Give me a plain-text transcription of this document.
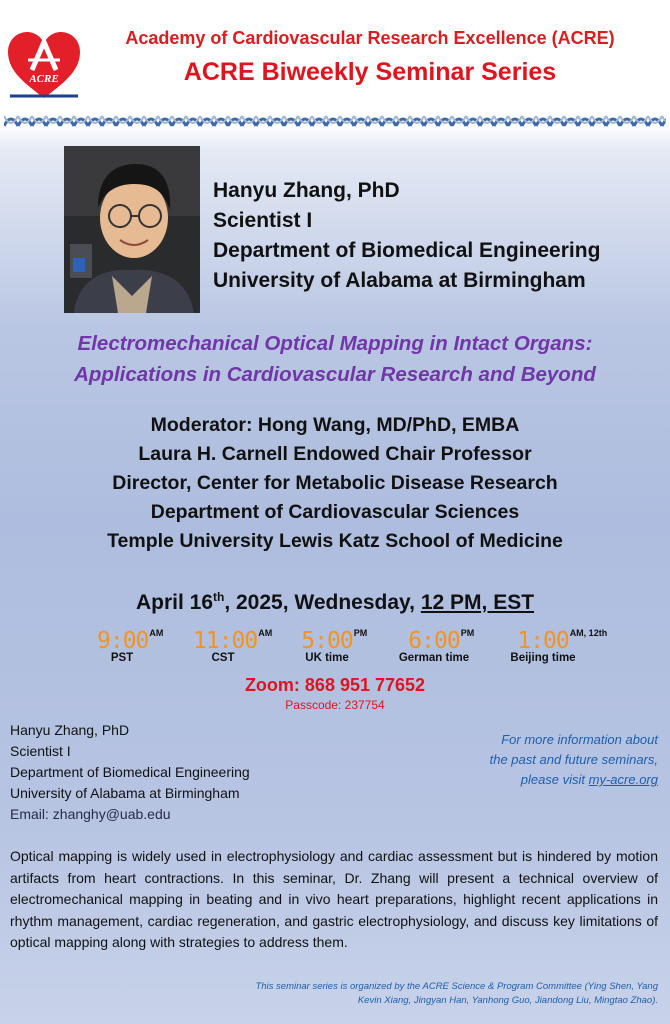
ACRE
Academy of Cardiovascular Research Excellence (ACRE)
ACRE Biweekly Seminar Series
Hanyu Zhang, PhD
Scientist I
Department of Biomedical Engineering
University of Alabama at Birmingham
Electromechanical Optical Mapping in Intact Organs:
Applications in Cardiovascular Research and Beyond
Moderator: Hong Wang, MD/PhD, EMBA
Laura H. Carnell Endowed Chair Professor
Director, Center for Metabolic Disease Research
Department of Cardiovascular Sciences
Temple University Lewis Katz School of Medicine
April 16th, 2025, Wednesday, 12 PM, EST
9:00 AM
PST
11:00 AM
CST
5:00 PM
UK time
6:00 PM
German time
1:00 AM, 12th
Beijing time
Zoom: 868 951 77652
Passcode: 237754
Hanyu Zhang, PhD
Scientist I
Department of Biomedical Engineering
University of Alabama at Birmingham
Email: zhanghy@uab.edu
For more information about
the past and future seminars,
please visit my-acre.org
Optical mapping is widely used in electrophysiology and cardiac assessment but is hindered by motion artifacts from heart contractions. In this seminar, Dr. Zhang will present a technical overview of electromechanical mapping in beating and in vivo heart preparations, highlight recent applications in rhythm management, cardiac regeneration, and gastric electrophysiology, and discuss key limitations of optical mapping along with strategies to address them.
This seminar series is organized by the ACRE Science & Program Committee (Ying Shen, Yang Kevin Xiang, Jingyan Han, Yanhong Guo, Jiandong Liu, Mingtao Zhao).
